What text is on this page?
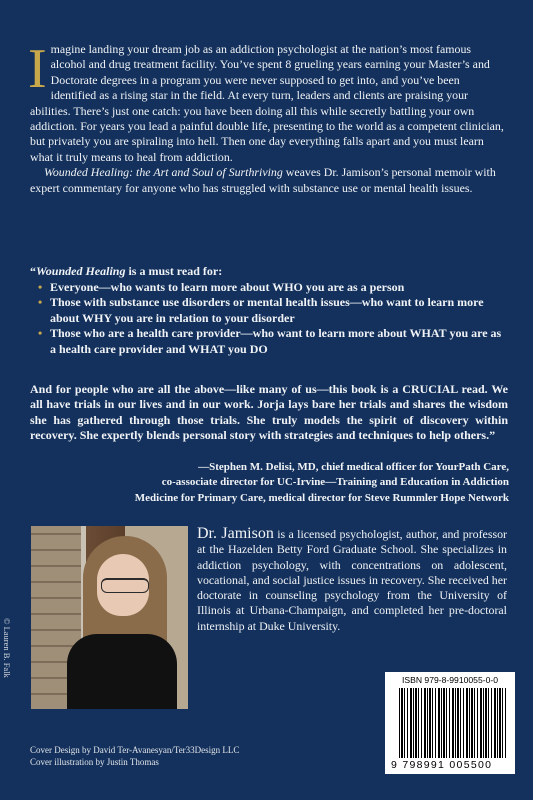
I magine landing your dream job as an addiction psychologist at the nation’s most famous alcohol and drug treatment facility. You’ve spent 8 grueling years earning your Master’s and Doctorate degrees in a program you were never supposed to get into, and you’ve been identified as a rising star in the field. At every turn, leaders and clients are praising your abilities. There’s just one catch: you have been doing all this while secretly battling your own addiction. For years you lead a painful double life, presenting to the world as a competent clinician, but privately you are spiraling into hell. Then one day everything falls apart and you must learn what it truly means to heal from addiction.

Wounded Healing: the Art and Soul of Surthriving weaves Dr. Jamison’s personal memoir with expert commentary for anyone who has struggled with substance use or mental health issues.

“Wounded Healing is a must read for:
• Everyone—who wants to learn more about WHO you are as a person
• Those with substance use disorders or mental health issues—who want to learn more about WHY you are in relation to your disorder
• Those who are a health care provider—who want to learn more about WHAT you are as a health care provider and WHAT you DO
And for people who are all the above—like many of us—this book is a CRUCIAL read. We all have trials in our lives and in our work. Jorja lays bare her trials and shares the wisdom she has gathered through those trials. She truly models the spirit of discovery within recovery. She expertly blends personal story with strategies and techniques to help others.”
—Stephen M. Delisi, MD, chief medical officer for YourPath Care,
co-associate director for UC-Irvine—Training and Education in Addiction
Medicine for Primary Care, medical director for Steve Rummler Hope Network
© Lauren B. Falk
Dr. Jamison is a licensed psychologist, author, and professor at the Hazelden Betty Ford Graduate School. She specializes in addiction psychology, with concentrations on adolescent, vocational, and social justice issues in recovery. She received her doctorate in counseling psychology from the University of Illinois at Urbana-Champaign, and completed her pre-doctoral internship at Duke University.
ISBN 979-8-9910055-0-0
9 798991 005500
Cover Design by David Ter-Avanesyan/Ter33Design LLC
Cover illustration by Justin Thomas
